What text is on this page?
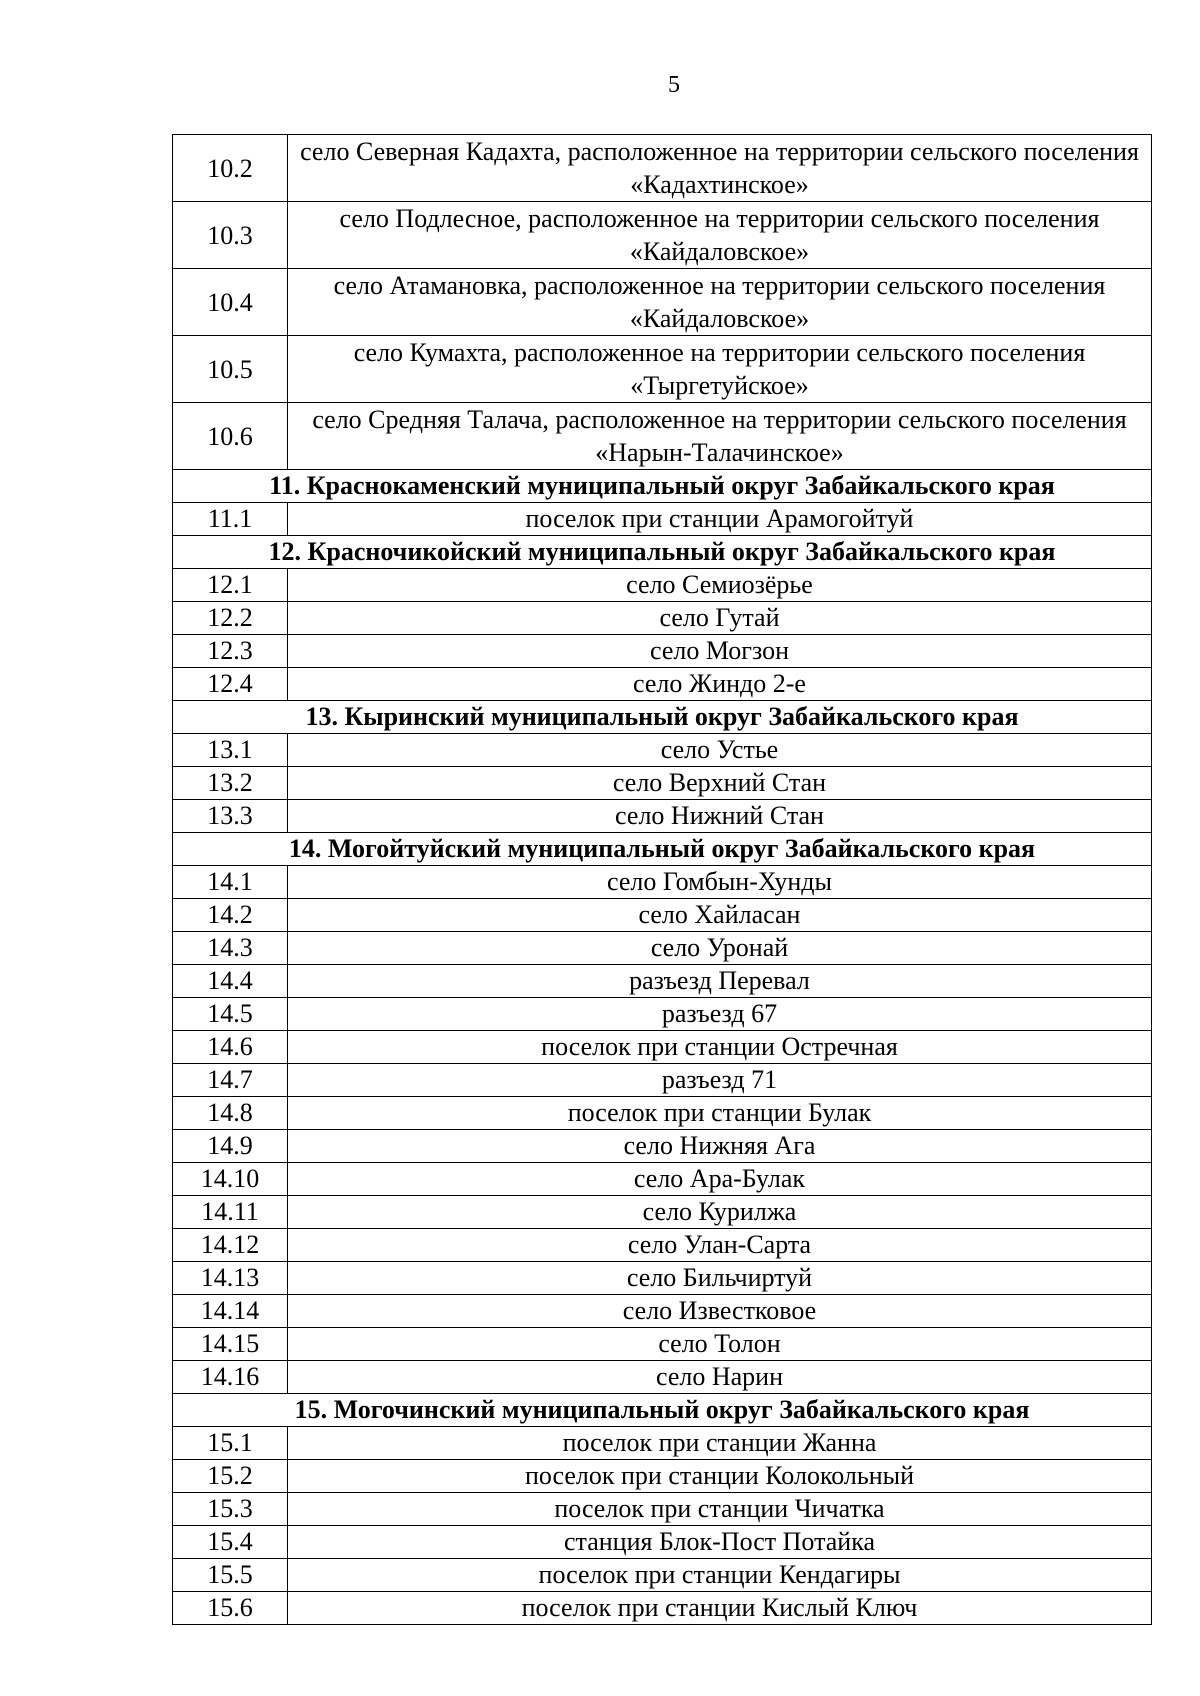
5
10.2	село Северная Кадахта, расположенное на территории сельского поселения «Кадахтинское»
10.3	село Подлесное, расположенное на территории сельского поселения «Кайдаловское»
10.4	село Атамановка, расположенное на территории сельского поселения «Кайдаловское»
10.5	село Кумахта, расположенное на территории сельского поселения «Тыргетуйское»
10.6	село Средняя Талача, расположенное на территории сельского поселения «Нарын-Талачинское»
11. Краснокаменский муниципальный округ Забайкальского края	
11.1	поселок при станции Арамогойтуй
12. Красночикойский муниципальный округ Забайкальского края	
12.1	село Семиозёрье
12.2	село Гутай
12.3	село Могзон
12.4	село Жиндо 2-е
13. Кыринский муниципальный округ Забайкальского края	
13.1	село Устье
13.2	село Верхний Стан
13.3	село Нижний Стан
14. Могойтуйский муниципальный округ Забайкальского края	
14.1	село Гомбын-Хунды
14.2	село Хайласан
14.3	село Уронай
14.4	разъезд Перевал
14.5	разъезд 67
14.6	поселок при станции Остречная
14.7	разъезд 71
14.8	поселок при станции Булак
14.9	село Нижняя Ага
14.10	село Ара-Булак
14.11	село Курилжа
14.12	село Улан-Сарта
14.13	село Бильчиртуй
14.14	село Известковое
14.15	село Толон
14.16	село Нарин
15. Могочинский муниципальный округ Забайкальского края	
15.1	поселок при станции Жанна
15.2	поселок при станции Колокольный
15.3	поселок при станции Чичатка
15.4	станция Блок-Пост Потайка
15.5	поселок при станции Кендагиры
15.6	поселок при станции Кислый Ключ
